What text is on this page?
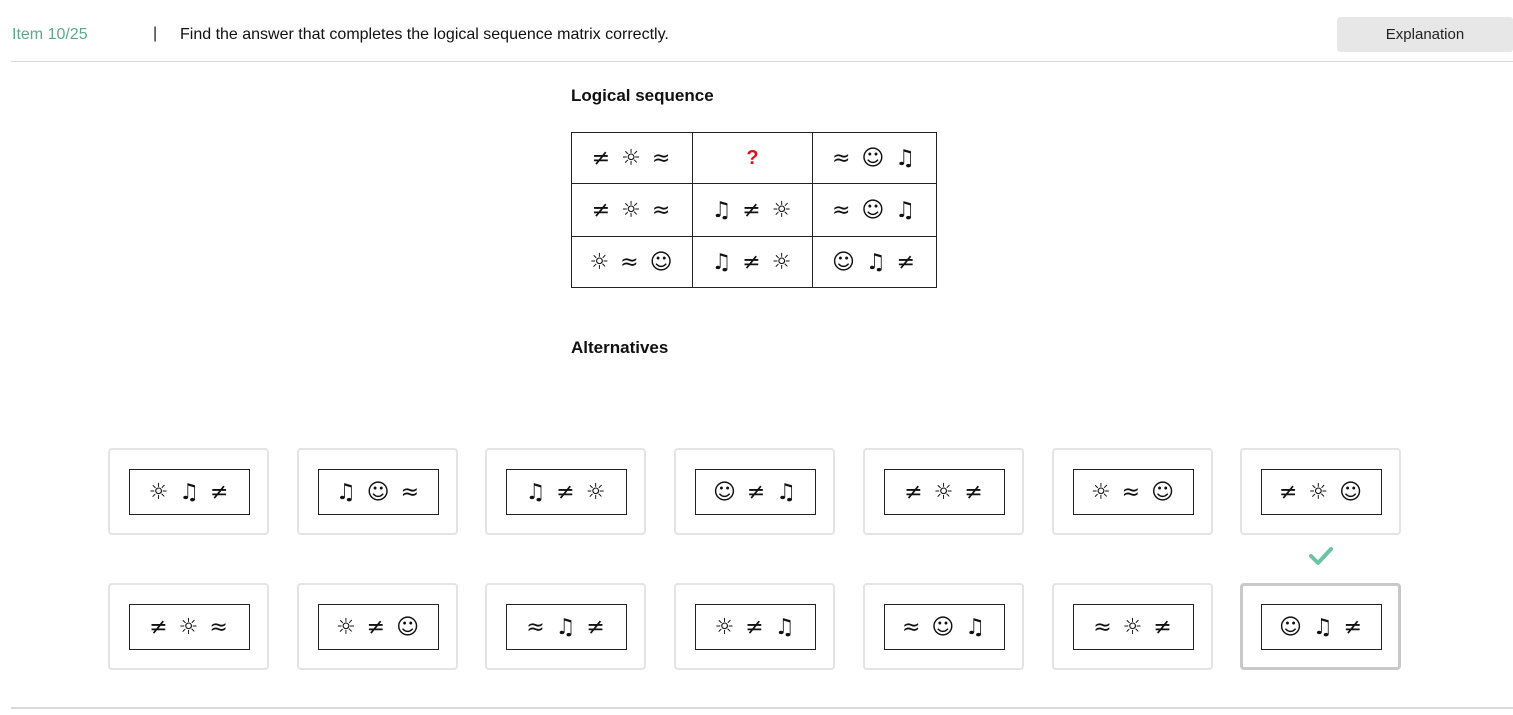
Item 10/25	| Find the answer that completes the logical sequence matrix correctly.	Explanation
Logical sequence
≠ ☼ ≈	?	≈ ☺ ♫
≠ ☼ ≈	♫ ≠ ☼	≈ ☺ ♫
☼ ≈ ☺	♫ ≠ ☼	☺ ♫ ≠
Alternatives
☼ ♫ ≠	♫ ☺ ≈	♫ ≠ ☼	☺ ≠ ♫	≠ ☼ ≠	☼ ≈ ☺	≠ ☼ ☺
≠ ☼ ≈	☼ ≠ ☺	≈ ♫ ≠	☼ ≠ ♫	≈ ☺ ♫	≈ ☼ ≠	☺ ♫ ≠
